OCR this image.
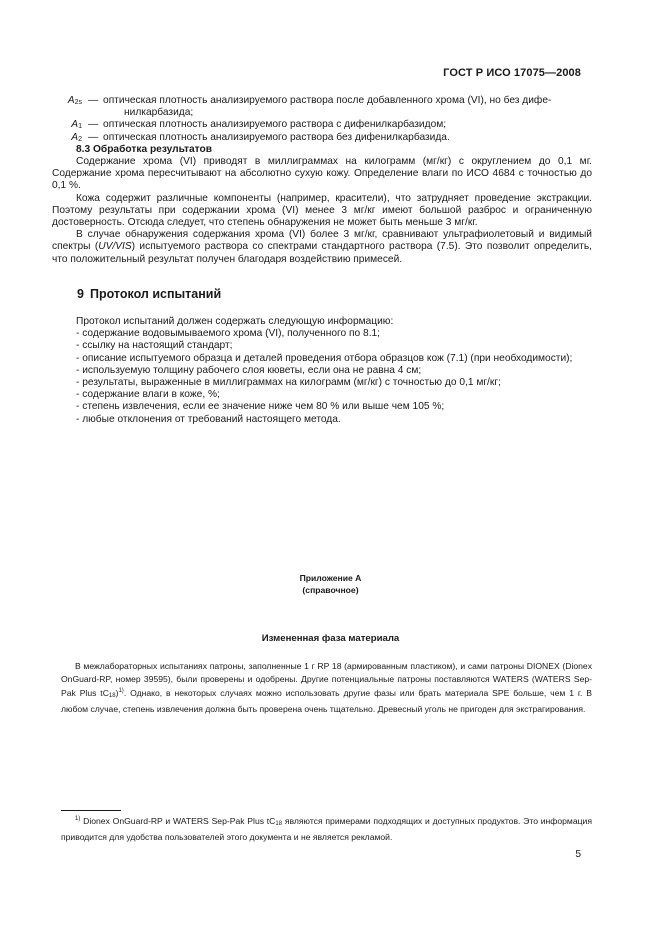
ГОСТ Р ИСО 17075—2008
$A_{2s}$ — оптическая плотность анализируемого раствора после добавленного хрома (VI), но без дифе-
нилкарбазида;
$A_1$ — оптическая плотность анализируемого раствора с дифенилкарбазидом;
$A_2$ — оптическая плотность анализируемого раствора без дифенилкарбазида.
8.3 Обработка результатов
Содержание хрома (VI) приводят в миллиграммах на килограмм (мг/кг) с округлением до 0,1 мг. Содержание хрома пересчитывают на абсолютно сухую кожу. Определение влаги по ИСО 4684 с точностью до 0,1 %.
Кожа содержит различные компоненты (например, красители), что затрудняет проведение экстракции. Поэтому результаты при содержании хрома (VI) менее 3 мг/кг имеют большой разброс и ограниченную достоверность. Отсюда следует, что степень обнаружения не может быть меньше 3 мг/кг.
В случае обнаружения содержания хрома (VI) более 3 мг/кг, сравнивают ультрафиолетовый и видимый спектры (UV/VIS) испытуемого раствора со спектрами стандартного раствора (7.5). Это позволит определить, что положительный результат получен благодаря воздействию примесей.
9 Протокол испытаний
Протокол испытаний должен содержать следующую информацию:
- содержание водовымываемого хрома (VI), полученного по 8.1;
- ссылку на настоящий стандарт;
- описание испытуемого образца и деталей проведения отбора образцов кож (7.1) (при необходимости);
- используемую толщину рабочего слоя кюветы, если она не равна 4 см;
- результаты, выраженные в миллиграммах на килограмм (мг/кг) с точностью до 0,1 мг/кг;
- содержание влаги в коже, %;
- степень извлечения, если ее значение ниже чем 80 % или выше чем 105 %;
- любые отклонения от требований настоящего метода.
Приложение А
(справочное)
Измененная фаза материала
В межлабораторных испытаниях патроны, заполненные 1 г RP 18 (армированным пластиком), и сами патроны DIONEX (Dionex OnGuard-RP, номер 39595), были проверены и одобрены. Другие потенциальные патроны поставляются WATERS (WATERS Sep-Pak Plus $tC_{18})^{1)}$. Однако, в некоторых случаях можно использовать другие фазы или брать материала SPE больше, чем 1 г. В любом случае, степень извлечения должна быть проверена очень тщательно. Древесный уголь не пригоден для экстрагирования.
$^{1)}$ Dionex OnGuard-RP и WATERS Sep-Pak Plus $tC_{18}$ являются примерами подходящих и доступных продуктов. Это информация приводится для удобства пользователей этого документа и не является рекламой.
5
